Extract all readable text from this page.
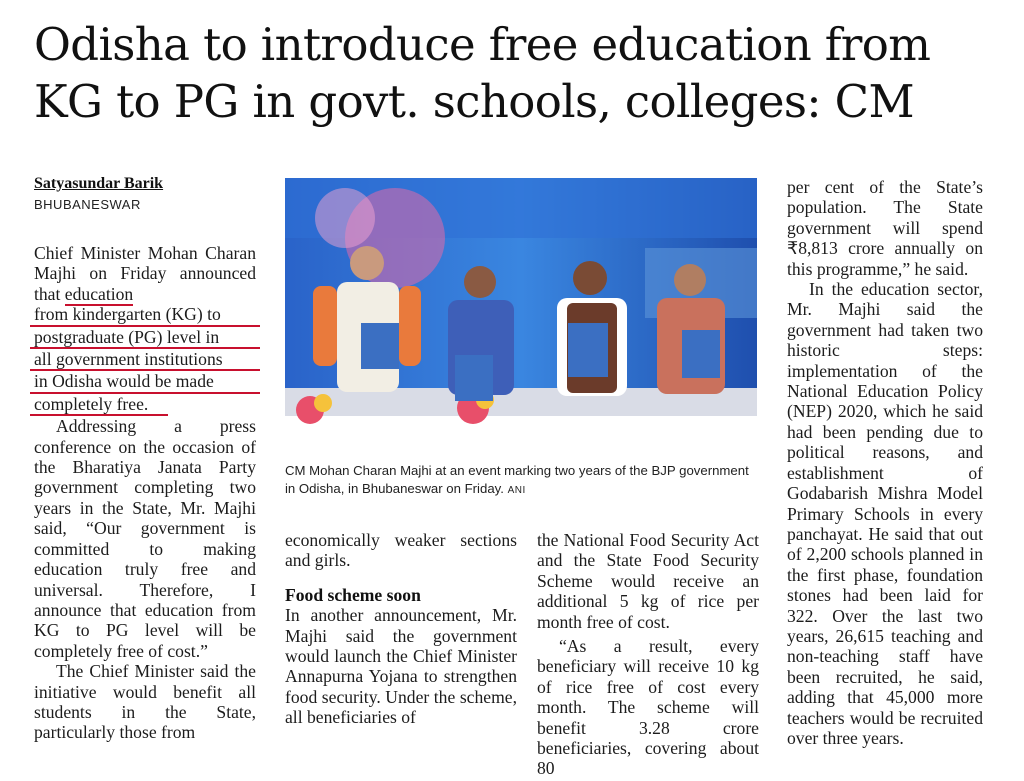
Odisha to introduce free education from
KG to PG in govt. schools, colleges: CM
Satyasundar Barik
BHUBANESWAR

Chief Minister Mohan Charan Majhi on Friday announced that education
from kindergarten (KG) to
postgraduate (PG) level in
all government institutions
in Odisha would be made
completely free.

Addressing a press conference on the occasion of the Bharatiya Janata Party government completing two years in the State, Mr. Majhi said, “Our government is committed to making education truly free and universal. Therefore, I announce that education from KG to PG level will be completely free of cost.”

The Chief Minister said the initiative would benefit all students in the State, particularly those from

CM Mohan Charan Majhi at an event marking two years of the BJP government in Odisha, in Bhubaneswar on Friday. ANI

economically weaker sections and girls.

Food scheme soon

In another announcement, Mr. Majhi said the government would launch the Chief Minister Annapurna Yojana to strengthen food security. Under the scheme, all beneficiaries of

the National Food Security Act and the State Food Security Scheme would receive an additional 5 kg of rice per month free of cost.

“As a result, every beneficiary will receive 10 kg of rice free of cost every month. The scheme will benefit 3.28 crore beneficiaries, covering about 80

per cent of the State’s population. The State government will spend ₹8,813 crore annually on this programme,” he said.

In the education sector, Mr. Majhi said the government had taken two historic steps: implementation of the National Education Policy (NEP) 2020, which he said had been pending due to political reasons, and establishment of Godabarish Mishra Model Primary Schools in every panchayat. He said that out of 2,200 schools planned in the first phase, foundation stones had been laid for 322. Over the last two years, 26,615 teaching and non-teaching staff have been recruited, he said, adding that 45,000 more teachers would be recruited over three years.
